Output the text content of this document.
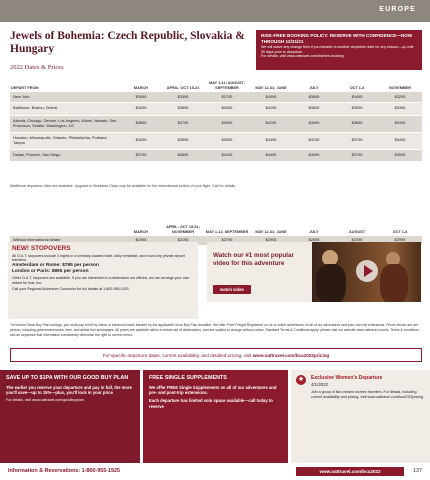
EUROPE
Jewels of Bohemia: Czech Republic, Slovakia & Hungary
2022 Dates & Prices
RISK-FREE BOOKING POLICY: RESERVE WITH CONFIDENCE—NOW THROUGH 12/31/21
We will waive any change fees if you transfer to another departure date for any reason—up until 30 days prior to departure.
For details, visit www.oattravel.com/riskfree-booking
DEPART FROM	MARCH	APRIL; OCT 15-21	MAY 1-11; AUGUST-SEPTEMBER	MAY 12-31; JUNE	JULY	OCT 1-4	NOVEMBER
New York	$3095	$3395	$3795	$4095	$3695	$3495	$3295
Baltimore, Boston, Detroit	$3495	$3895	$4095	$4195	$3895	$3595	$3395
Atlanta, Chicago, Denver, Los Angeles, Miami, Newark, San Francisco, Seattle, Washington, DC	$3895	$3795	$3995	$4295	$3995	$3695	$3495
Houston, Minneapolis, Orlando, Philadelphia, Portland, Tampa	$3495	$3595	$3995	$4395	$4195	$3795	$3495
Dallas, Phoenix, San Diego	$3795	$3895	$4195	$4495	$4095	$3795	$3595
Additional departure cities are available. Upgrade to Business Class may be available for the international portion of your flight. Call for details.
	MARCH	APRIL; OCT 15-31; NOVEMBER	MAY 1-11; SEPTEMBER	MAY 12-31; JUNE	JULY	AUGUST	OCT 1-4
Without international airfare	$1995	$2195	$2795	$2995	$2695	$2395	$2995
NEW! STOPOVERS

All O.A.T. stopovers include 3 nights in a centrally-located hotel, daily breakfast, and round-trip private airport transfers.

Amsterdam or Rome: $795 per person
London or Paris: $895 per person

Other O.A.T. stopovers are available. If you are interested in a destination not offered, we can arrange your own airfare for that, too.

Call your Regional Adventure Counselor for full details at 1-800-955-1925.

Watch our #1 most popular video for this adventure
watch video
To receive Great Buy Plan savings, you must pay in full by check or electronic bank transfer by the applicable Good Buy Plan deadline. We offer Price Freight Registered on us of online adventures on all of our adventures and your own trip extensions. Prices shown are per person, including government taxes, fees, and airline fuel surcharges. All prices are available within a certain set of destinations, and are subject to change without notice. Standard Terms & Conditions apply; please visit our website www.oattravel.com/tc. Terms & conditions see air departure that information consistently otherwise the right to correct errors.
For specific departure dates, current availability, and detailed pricing, visit www.oattravel.com/bca2022pricing
SAVE UP TO $1PA WITH OUR GOOD BUY PLAN
The earlier you reserve your departure and pay in full, the more you'll save—up to 15%—plus, you'll lock in your price
For details, visit www.oattravel.com/goodbuyplan
FREE SINGLE SUPPLEMENTS
We offer FREE Single Supplements on all of our adventures and pre- and post-trip extensions.
Each departure has limited solo space available—call today to reserve
★	Exclusive Women's Departure
4/1/2022
Join a group of like-minded women travelers. For details, including current availability and pricing, visit www.oattravel.com/bca2022pricing
Information & Reservations: 1-800-955-1925	www.oattravel.com/bca2022	137
